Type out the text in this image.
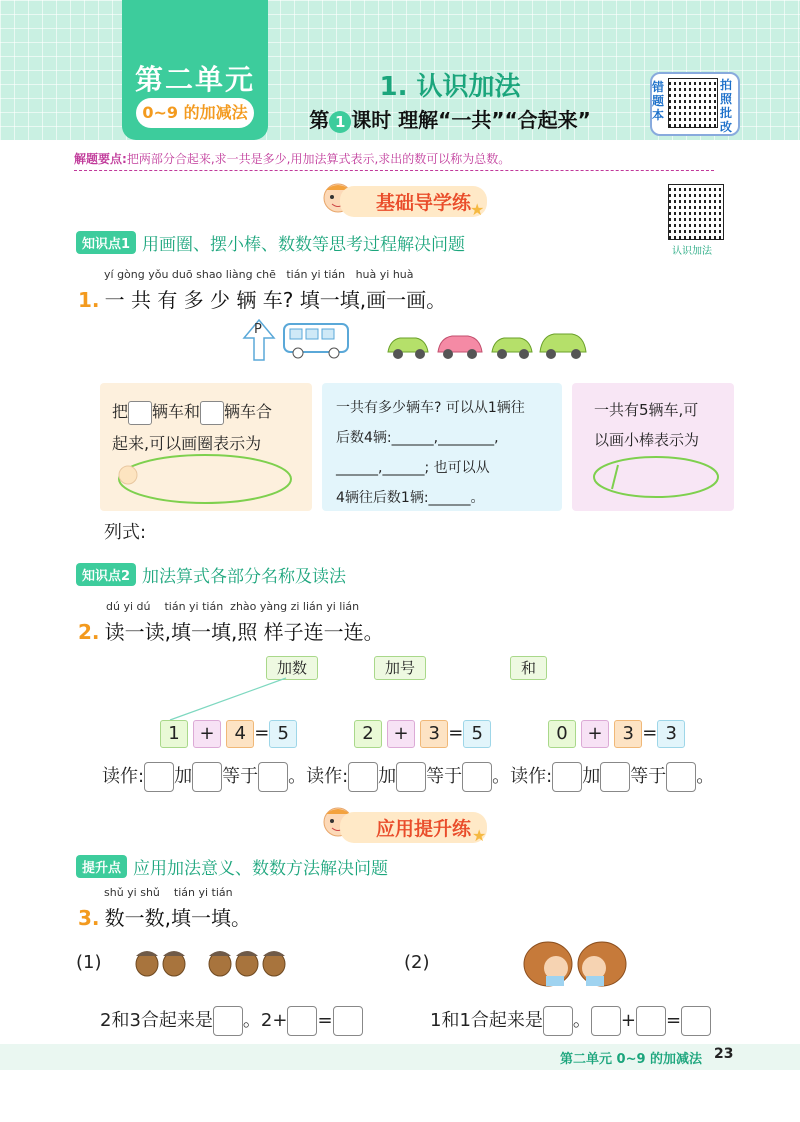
第二单元
0~9 的加减法
1. 认识加法
第 1 课时 理解“一共”“合起来”
错题本
拍照批改
解题要点:把两部分合起来,求一共是多少,用加法算式表示,求出的数可以称为总数。
基础导学练
★
认识加法
知识点1 用画圈、摆小棒、数数等思考过程解决问题
yí gòng yǒu duō shao liàng chē   tián yi tián   huà yi huà
1. 一 共 有 多 少 辆 车? 填一填,画一画。
P
把 辆车和 辆车合
起来,可以画圈表示为
一共有多少辆车? 可以从1辆往
后数4辆:______,________,
______,______; 也可以从
4辆往后数1辆:______。
一共有5辆车,可
以画小棒表示为
列式:
知识点2 加法算式各部分名称及读法
dú yi dú    tián yi tián  zhào yàng zi lián yi lián
2. 读一读,填一填,照 样子连一连。
加数	加号	和
1 + 4 = 5	2 + 3 = 5	0 + 3 = 3
读作: 加 等于 。读作: 加 等于 。读作: 加 等于 。
应用提升练 ★
提升点 应用加法意义、数数方法解决问题
shǔ yi shǔ    tián yi tián
3. 数一数,填一填。
(1)	(2)
2和3合起来是 。2+ =	1和1合起来是 。 + =
第二单元 0~9 的加减法 23
